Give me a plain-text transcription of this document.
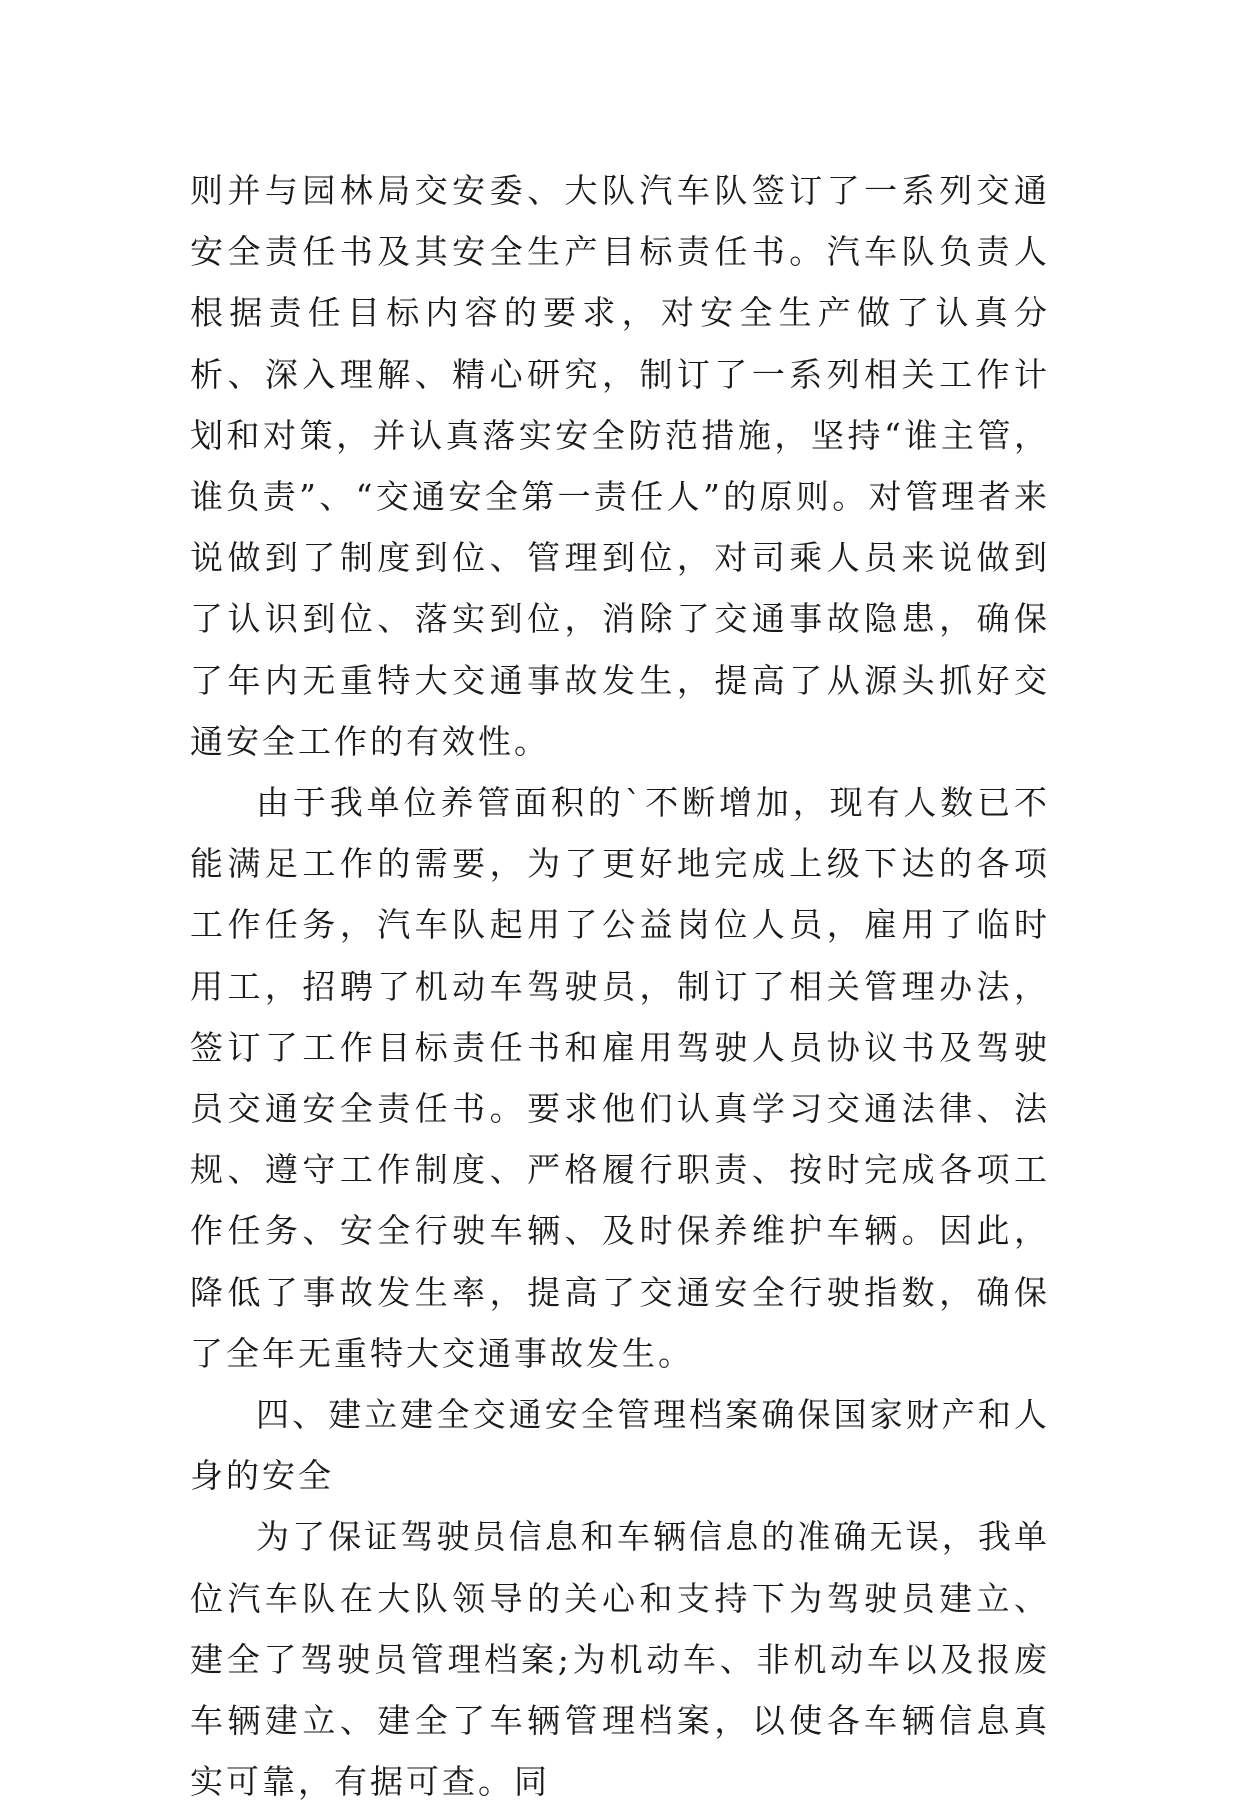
则并与园林局交安委、大队汽车队签订了一系列交通安全责任书及其安全生产目标责任书。汽车队负责人根据责任目标内容的要求，对安全生产做了认真分析、深入理解、精心研究，制订了一系列相关工作计划和对策，并认真落实安全防范措施，坚持“谁主管，谁负责”、“交通安全第一责任人”的原则。对管理者来说做到了制度到位、管理到位，对司乘人员来说做到了认识到位、落实到位，消除了交通事故隐患，确保了年内无重特大交通事故发生，提高了从源头抓好交通安全工作的有效性。

由于我单位养管面积的`不断增加，现有人数已不能满足工作的需要，为了更好地完成上级下达的各项工作任务，汽车队起用了公益岗位人员，雇用了临时用工，招聘了机动车驾驶员，制订了相关管理办法，签订了工作目标责任书和雇用驾驶人员协议书及驾驶员交通安全责任书。要求他们认真学习交通法律、法规、遵守工作制度、严格履行职责、按时完成各项工作任务、安全行驶车辆、及时保养维护车辆。因此，降低了事故发生率，提高了交通安全行驶指数，确保了全年无重特大交通事故发生。

四、建立建全交通安全管理档案确保国家财产和人身的安全

为了保证驾驶员信息和车辆信息的准确无误，我单位汽车队在大队领导的关心和支持下为驾驶员建立、建全了驾驶员管理档案;为机动车、非机动车以及报废车辆建立、建全了车辆管理档案，以使各车辆信息真实可靠，有据可查。同
